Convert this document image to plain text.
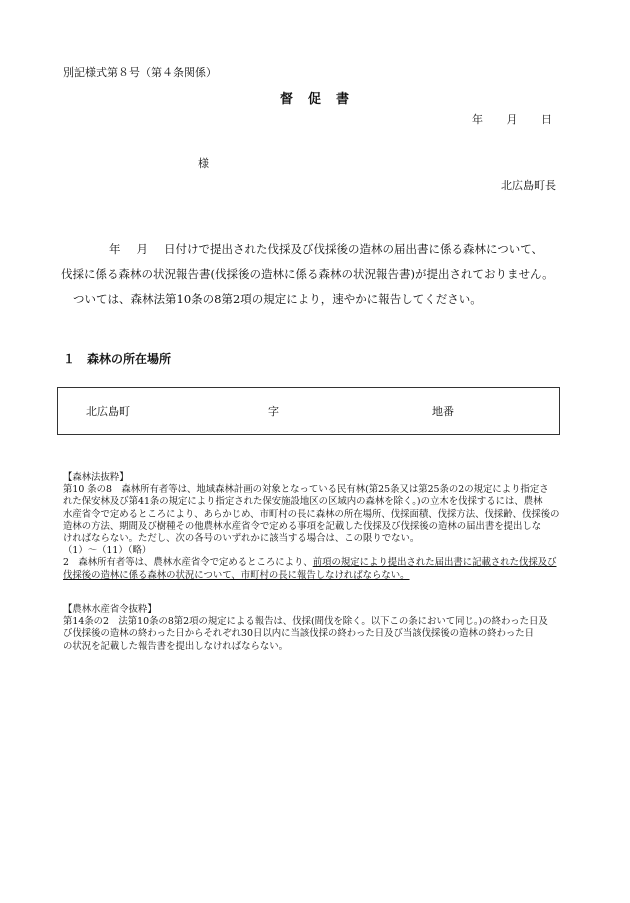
別記様式第８号（第４条関係）
督　促　書
年 月 日
様
北広島町長

年 月 日付けで提出された伐採及び伐採後の造林の届出書に係る森林について、

伐採に係る森林の状況報告書(伐採後の造林に係る森林の状況報告書)が提出されておりません。

ついては、森林法第10条の8第2項の規定により，速やかに報告してください。

１　森林の所在場所
北広島町	字	地番

【森林法抜粋】

第10 条の8　森林所有者等は、地域森林計画の対象となっている民有林(第25条又は第25条の2の規定により指定さ

れた保安林及び第41条の規定により指定された保安施設地区の区域内の森林を除く。)の立木を伐採するには、農林

水産省令で定めるところにより、あらかじめ、市町村の長に森林の所在場所、伐採面積、伐採方法、伐採齢、伐採後の

造林の方法、期間及び樹種その他農林水産省令で定める事項を記載した伐採及び伐採後の造林の届出書を提出しな

ければならない。ただし、次の各号のいずれかに該当する場合は、この限りでない。

（1）～（11）（略）

2　森林所有者等は、農林水産省令で定めるところにより、前項の規定により提出された届出書に記載された伐採及び

伐採後の造林に係る森林の状況について、市町村の長に報告しなければならない。

【農林水産省令抜粋】

第14条の2　法第10条の8第2項の規定による報告は、伐採(間伐を除く。以下この条において同じ。)の終わった日及

び伐採後の造林の終わった日からそれぞれ30日以内に当該伐採の終わった日及び当該伐採後の造林の終わった日

の状況を記載した報告書を提出しなければならない。
